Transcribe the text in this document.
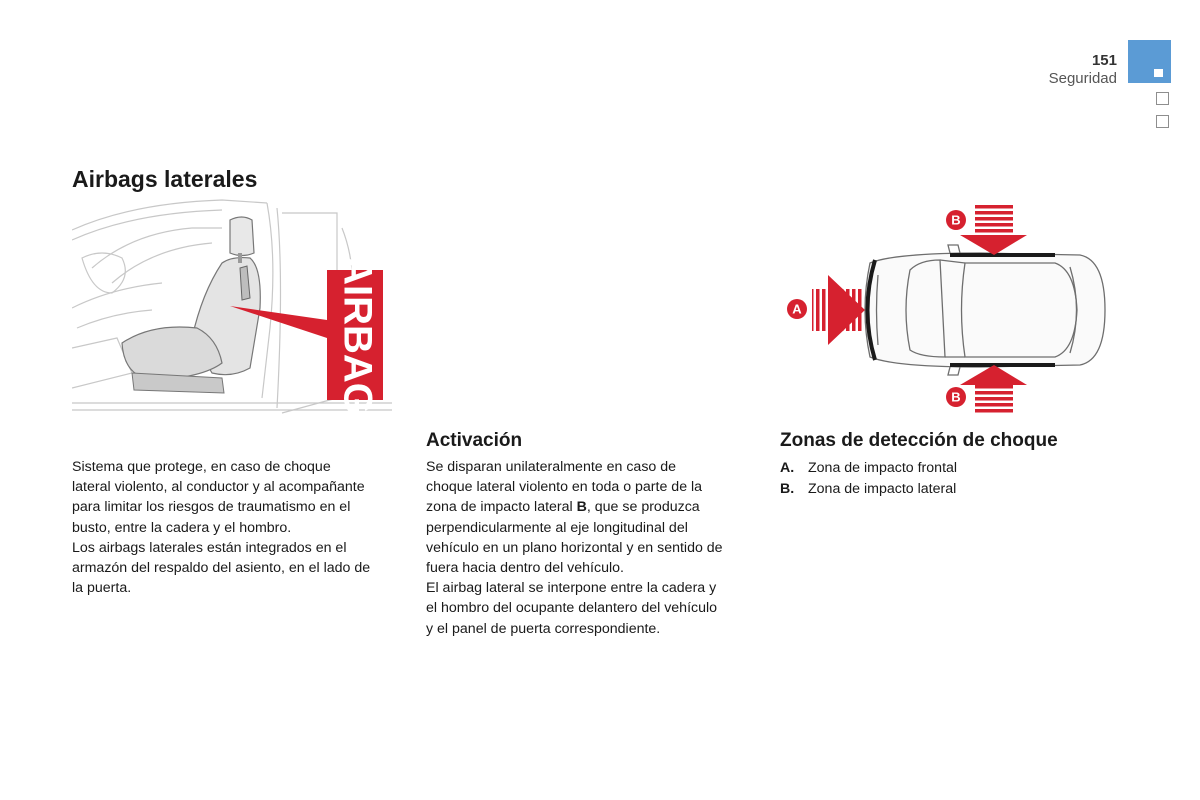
151
Seguridad
Airbags laterales
AIRBAG	A
B
B

Sistema que protege, en caso de choque

lateral violento, al conductor y al acompañante

para limitar los riesgos de traumatismo en el

busto, entre la cadera y el hombro.

Los airbags laterales están integrados en el

armazón del respaldo del asiento, en el lado de

la puerta.

Activación

Se disparan unilateralmente en caso de

choque lateral violento en toda o parte de la

zona de impacto lateral B, que se produzca

perpendicularmente al eje longitudinal del

vehículo en un plano horizontal y en sentido de

fuera hacia dentro del vehículo.

El airbag lateral se interpone entre la cadera y

el hombro del ocupante delantero del vehículo

y el panel de puerta correspondiente.

Zonas de detección de choque
A. Zona de impacto frontal
B. Zona de impacto lateral
